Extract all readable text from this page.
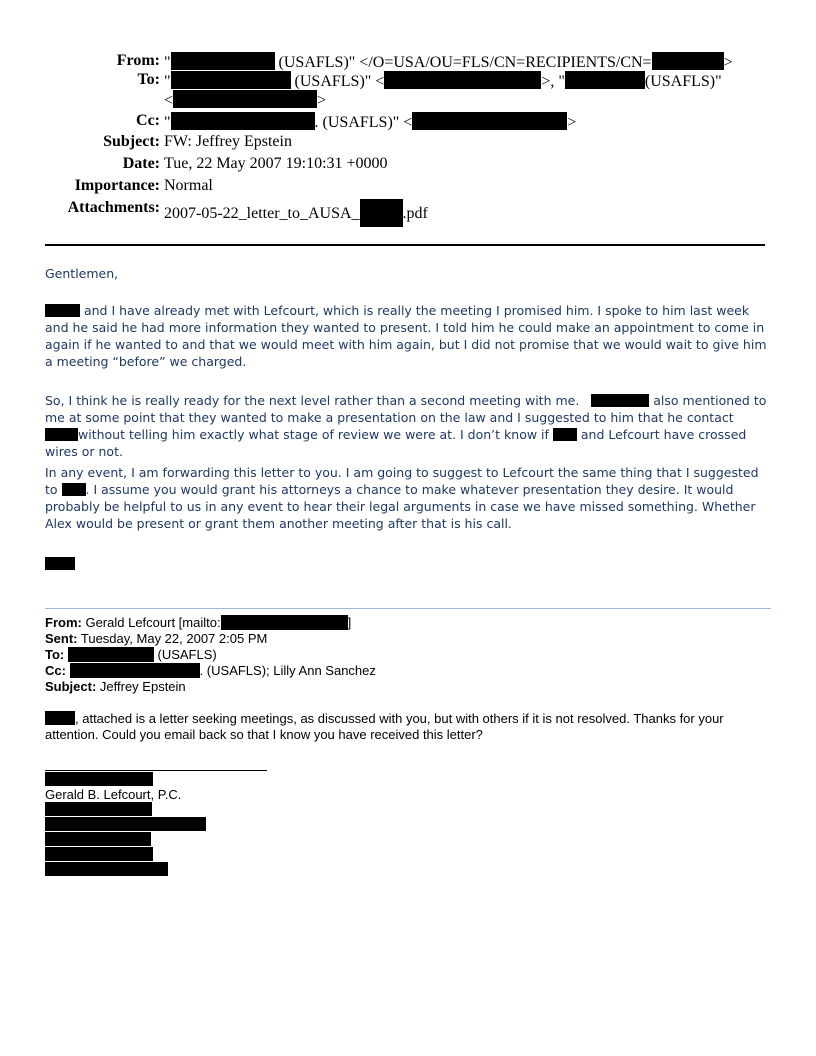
From: "	(USAFLS)" </O=USA/OU=FLS/CN=RECIPIENTS/CN=	>
To: "	(USAFLS)" <	>, "	(USAFLS)"
<	>
Cc: "	. (USAFLS)" <	>
Subject: FW: Jeffrey Epstein
Date: Tue, 22 May 2007 19:10:31 +0000
Importance: Normal
Attachments: 2007-05-22_letter_to_AUSA_	.pdf

Gentlemen,

and I have already met with Lefcourt, which is really the meeting I promised him. I spoke to him last week and he said he had more information they wanted to present. I told him he could make an appointment to come in again if he wanted to and that we would meet with him again, but I did not promise that we would wait to give him a meeting “before” we charged.

So, I think he is really ready for the next level rather than a second meeting with me.	also mentioned to me at some point that they wanted to make a presentation on the law and I suggested to him that he contact without telling him exactly what stage of review we were at. I don’t know if  and Lefcourt have crossed wires or not.

In any event, I am forwarding this letter to you. I am going to suggest to Lefcourt the same thing that I suggested to . I assume you would grant his attorneys a chance to make whatever presentation they desire. It would probably be helpful to us in any event to hear their legal arguments in case we have missed something. Whether Alex would be present or grant them another meeting after that is his call.

From: Gerald Lefcourt [mailto:	]
Sent: Tuesday, May 22, 2007 2:05 PM
To:	(USAFLS)
Cc:	. (USAFLS); Lilly Ann Sanchez
Subject: Jeffrey Epstein
, attached is a letter seeking meetings, as discussed with you, but with others if it is not resolved. Thanks for your attention. Could you email back so that I know you have received this letter?
Gerald B. Lefcourt, P.C.
